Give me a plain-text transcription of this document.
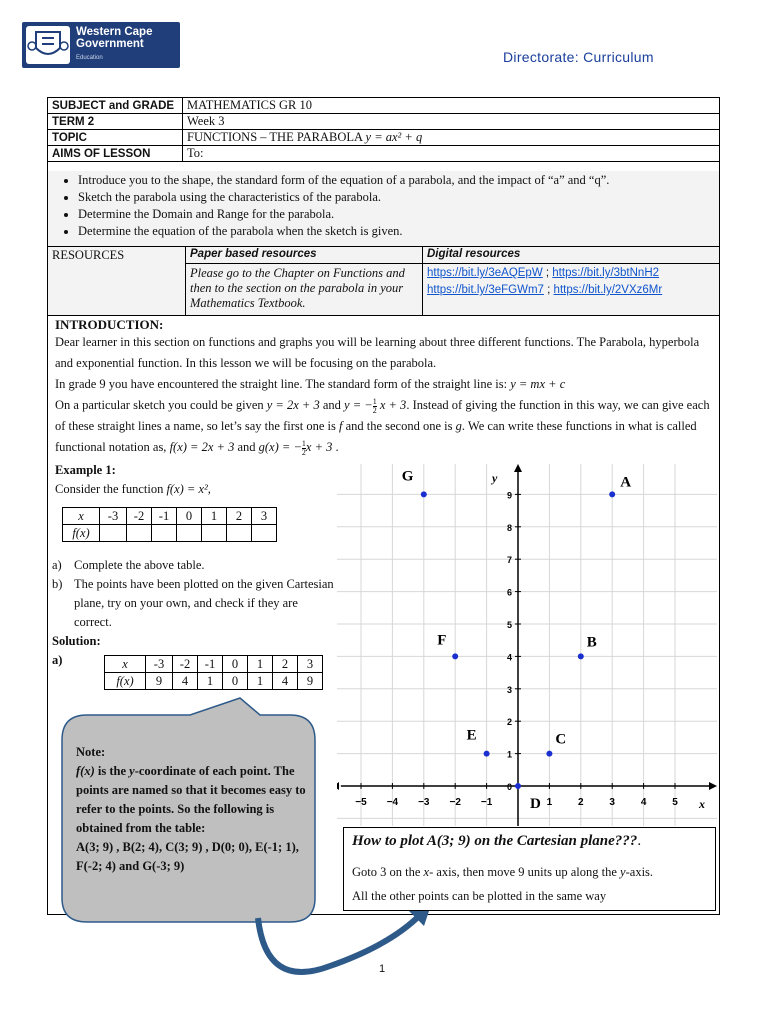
Western Cape
Government
Education	Directorate: Curriculum
SUBJECT and GRADE	MATHEMATICS GR 10
TERM 2	Week 3
TOPIC	FUNCTIONS – THE PARABOLA y = ax² + q
AIMS OF LESSON	To:
• Introduce you to the shape, the standard form of the equation of a parabola, and the impact of “a” and “q”.
• Sketch the parabola using the characteristics of the parabola.
• Determine the Domain and Range for the parabola.
• Determine the equation of the parabola when the sketch is given.
RESOURCES	Paper based resources
Please go to the Chapter on Functions and then to the section on the parabola in your Mathematics Textbook.
Digital resources
https://bit.ly/3eAQEpW ; https://bit.ly/3btNnH2
https://bit.ly/3eFGWm7 ; https://bit.ly/2VXz6Mr
INTRODUCTION:
Dear learner in this section on functions and graphs you will be learning about three different functions. The Parabola, hyperbola and exponential function. In this lesson we will be focusing on the parabola.
In grade 9 you have encountered the straight line. The standard form of the straight line is: y = mx + c
On a particular sketch you could be given y = 2x + 3 and y = − $\frac{1}{2}$ x + 3. Instead of giving the function in this way, we can give each of these straight lines a name, so let’s say the first one is f and the second one is g. We can write these functions in what is called functional notation as, f(x) = 2x + 3 and g(x) = − $\frac{1}{2}$ x + 3 .
Example 1:
Consider the function f(x) = x²,
x	-3	-2	-1	0	1	2	3
f(x)							
a) Complete the above table.
b) The points have been plotted on the given Cartesian plane, try on your own, and check if they are correct.
Solution:
a)	x	-3	-2	-1	0	1	2	3
f(x)	9	4	1	0	1	4	9
−5 −4 −3 −2 −1	1	2	3	4	5
9
8
7
6
5
4
3
2
1
0
x
y	A
B
C
D
E
F
G
Note:
f(x) is the y-coordinate of each point. The points are named so that it becomes easy to refer to the points. So the following is obtained from the table:
A(3; 9) , B(2; 4), C(3; 9) , D(0; 0), E(-1; 1), F(-2; 4) and G(-3; 9)
How to plot A(3; 9) on the Cartesian plane???.
Goto 3 on the x- axis, then move 9 units up along the y-axis.
All the other points can be plotted in the same way
1
